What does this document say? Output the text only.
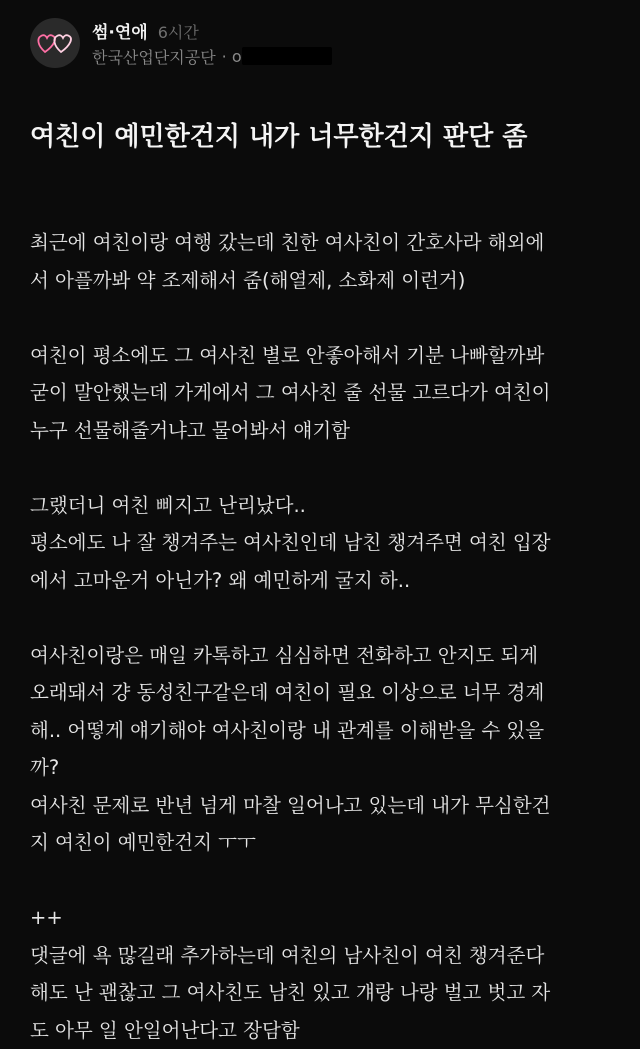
썸·연애 6시간
한국산업단지공단 · o
여친이 예민한건지 내가 너무한건지 판단 좀
최근에 여친이랑 여행 갔는데 친한 여사친이 간호사라 해외에
서 아플까봐 약 조제해서 줌(해열제, 소화제 이런거)
여친이 평소에도 그 여사친 별로 안좋아해서 기분 나빠할까봐
굳이 말안했는데 가게에서 그 여사친 줄 선물 고르다가 여친이
누구 선물해줄거냐고 물어봐서 얘기함
그랬더니 여친 삐지고 난리났다..
평소에도 나 잘 챙겨주는 여사친인데 남친 챙겨주면 여친 입장
에서 고마운거 아닌가? 왜 예민하게 굴지 하..
여사친이랑은 매일 카톡하고 심심하면 전화하고 안지도 되게
오래돼서 걍 동성친구같은데 여친이 필요 이상으로 너무 경계
해.. 어떻게 얘기해야 여사친이랑 내 관계를 이해받을 수 있을
까?
여사친 문제로 반년 넘게 마찰 일어나고 있는데 내가 무심한건
지 여친이 예민한건지 ㅜㅜ
++
댓글에 욕 많길래 추가하는데 여친의 남사친이 여친 챙겨준다
해도 난 괜찮고 그 여사친도 남친 있고 걔랑 나랑 벌고 벗고 자
도 아무 일 안일어난다고 장담함
